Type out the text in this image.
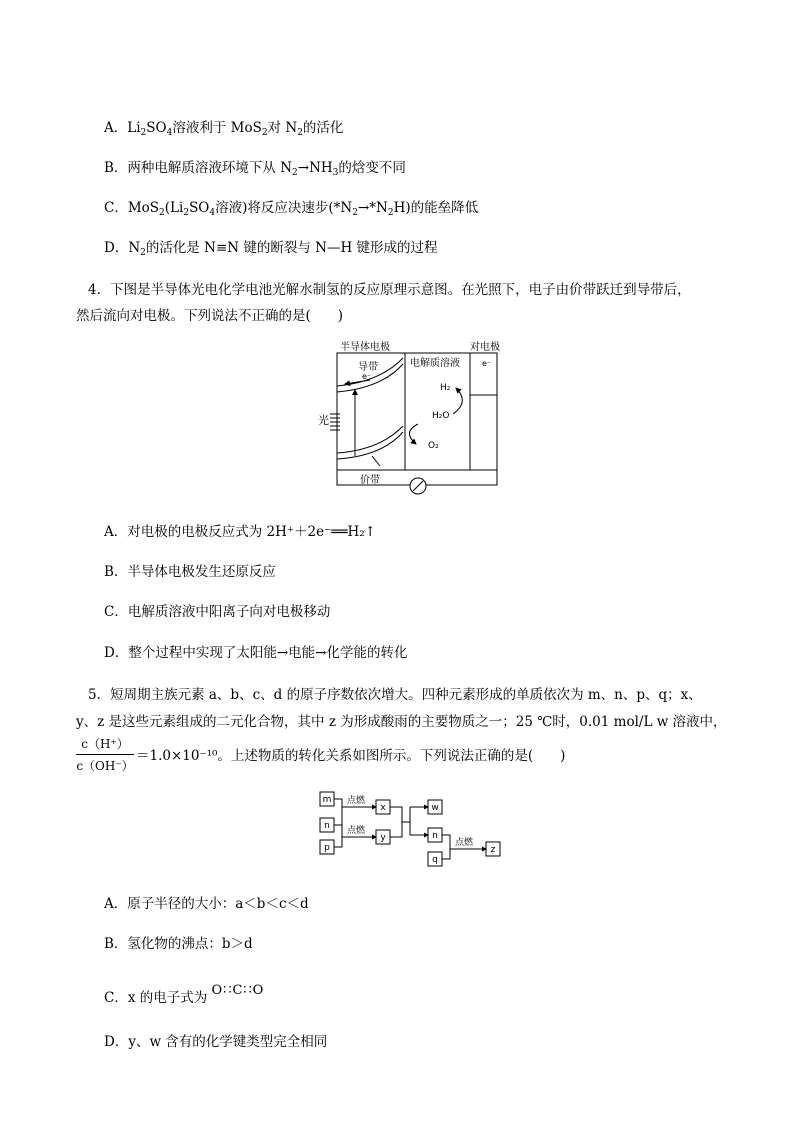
A．$Li_2SO_4$溶液利于 MoS$_2$对 $N_2$的活化
B．两种电解质溶液环境下从 $N_2\to NH_3$的焓变不同
C．$MoS_2(Li_2SO_4$溶液)将反应决速步$(*N_2\to*N_2H)$的能垒降低
D．$N_2$的活化是 N≡N 键的断裂与 N—H 键形成的过程
4．下图是半导体光电化学电池光解水制氢的反应原理示意图。在光照下，电子由价带跃迁到导带后，
然后流向对电极。下列说法不正确的是(　　)
半导体电极	对电极
电解质溶液
导带
e⁻
光
H₂
H₂O
O₂
e⁻
价带
A．对电极的电极反应式为 2H⁺＋2e⁻══H₂↑
B．半导体电极发生还原反应
C．电解质溶液中阳离子向对电极移动
D．整个过程中实现了太阳能→电能→化学能的转化
5．短周期主族元素 a、b、c、d 的原子序数依次增大。四种元素形成的单质依次为 m、n、p、q；x、
y、z 是这些元素组成的二元化合物，其中 z 为形成酸雨的主要物质之一；25 ℃时，0.01 mol/L w 溶液中，
$\frac{c(H^+)}{c(OH^-)} =1.0\times 10^{-10}$。上述物质的转化关系如图所示。下列说法正确的是(　　)
m
n
p
x
y
w
n
q
z
点燃
点燃
点燃
A．原子半径的大小：a＜b＜c＜d
B．氢化物的沸点：b＞d
C．x 的电子式为 O∷C∷O
D．y、w 含有的化学键类型完全相同
